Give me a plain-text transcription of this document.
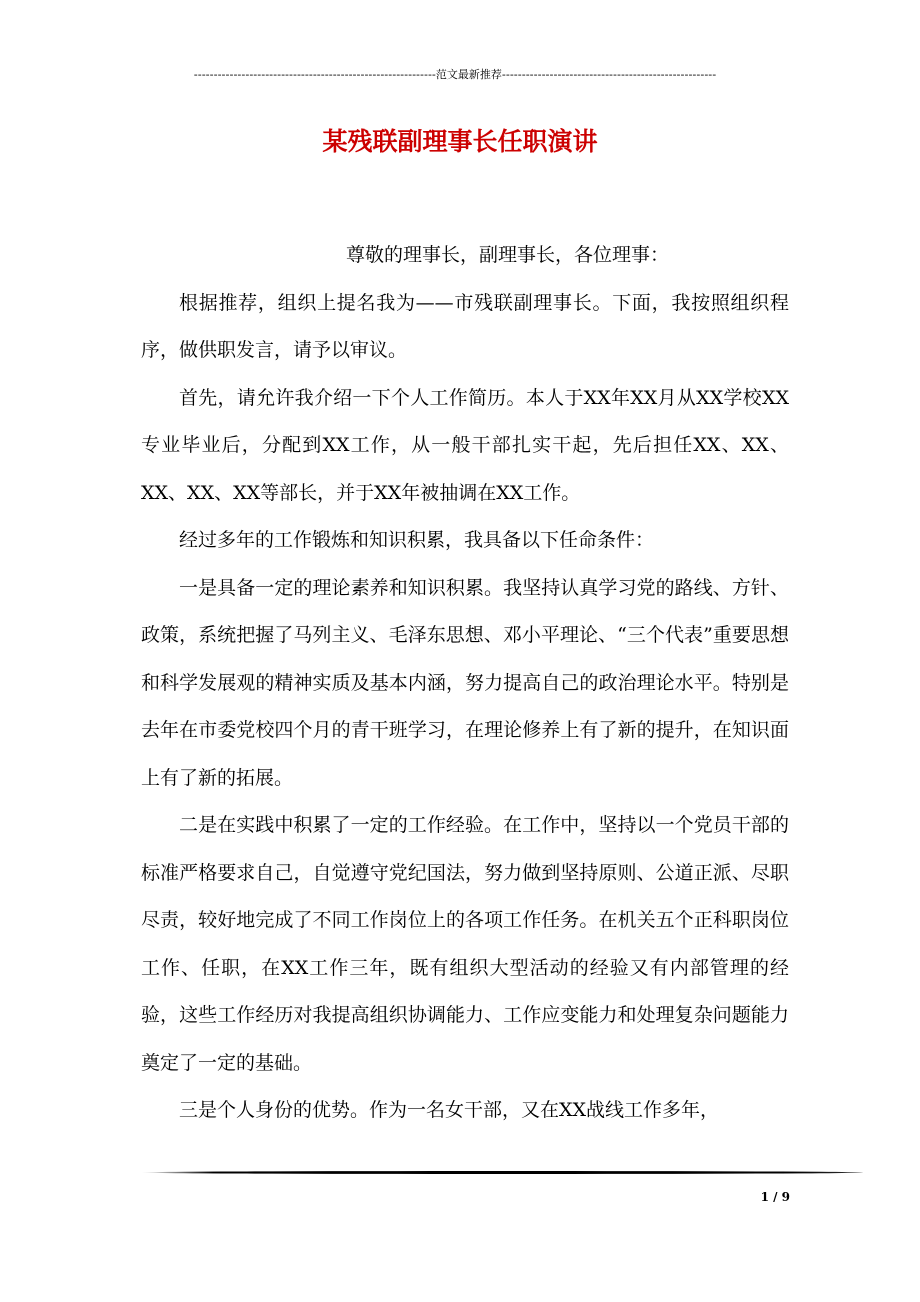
-------------------------------------------------------------范文最新推荐------------------------------------------------------
某残联副理事长任职演讲

尊敬的理事长，副理事长，各位理事：

根据推荐，组织上提名我为——市残联副理事长。下面，我按照组织程序，做供职发言，请予以审议。

首先，请允许我介绍一下个人工作简历。本人于XX年XX月从XX学校XX专业毕业后，分配到XX工作，从一般干部扎实干起，先后担任XX、XX、XX、XX、XX等部长，并于XX年被抽调在XX工作。

经过多年的工作锻炼和知识积累，我具备以下任命条件：

一是具备一定的理论素养和知识积累。我坚持认真学习党的路线、方针、政策，系统把握了马列主义、毛泽东思想、邓小平理论、“三个代表”重要思想和科学发展观的精神实质及基本内涵，努力提高自己的政治理论水平。特别是去年在市委党校四个月的青干班学习，在理论修养上有了新的提升，在知识面上有了新的拓展。

二是在实践中积累了一定的工作经验。在工作中，坚持以一个党员干部的标准严格要求自己，自觉遵守党纪国法，努力做到坚持原则、公道正派、尽职尽责，较好地完成了不同工作岗位上的各项工作任务。在机关五个正科职岗位工作、任职，在XX工作三年，既有组织大型活动的经验又有内部管理的经验，这些工作经历对我提高组织协调能力、工作应变能力和处理复杂问题能力奠定了一定的基础。

三是个人身份的优势。作为一名女干部，又在XX战线工作多年，

1 / 9
